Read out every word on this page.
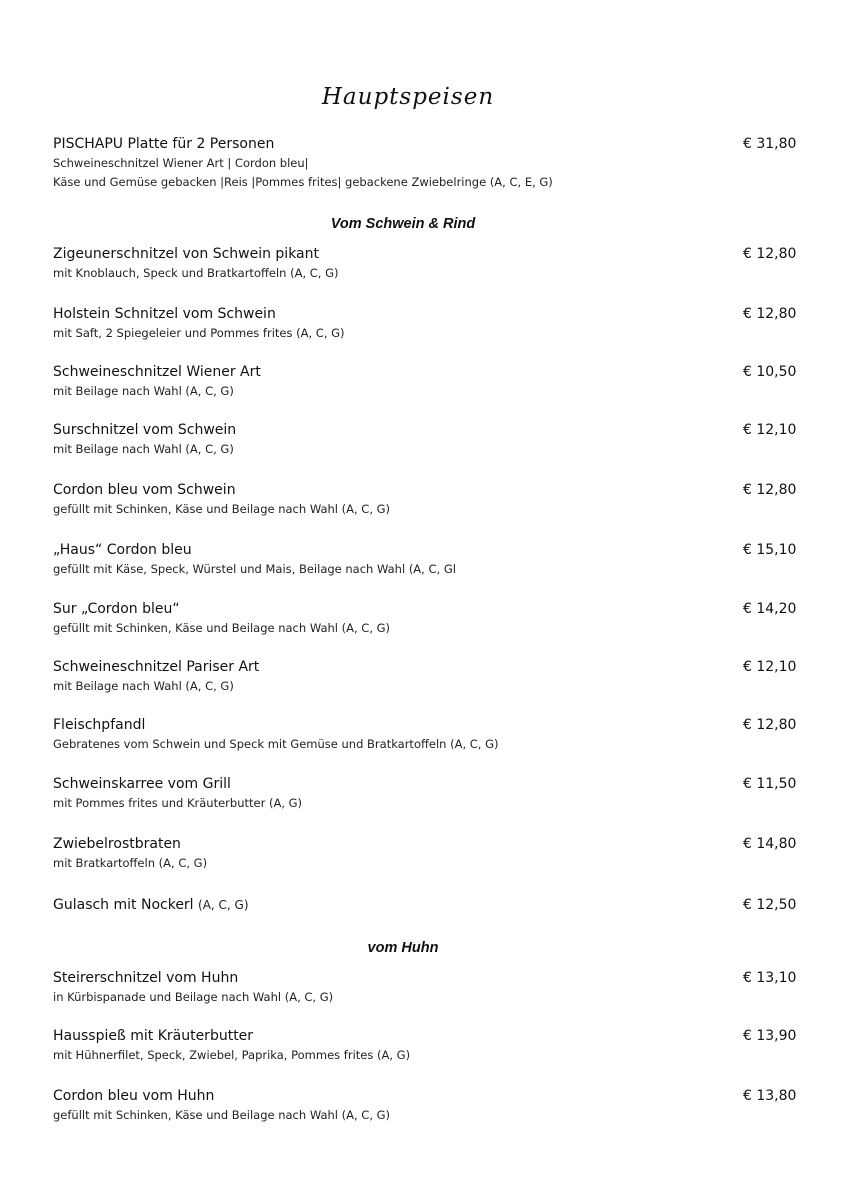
Hauptspeisen
PISCHAPU Platte für 2 Personen
Schweineschnitzel Wiener Art | Cordon bleu|
Käse und Gemüse gebacken |Reis |Pommes frites| gebackene Zwiebelringe (A, C, E, G)
€ 31,80
Vom Schwein & Rind
Zigeunerschnitzel von Schwein pikant
mit Knoblauch, Speck und Bratkartoffeln (A, C, G)
€ 12,80
Holstein Schnitzel vom Schwein
mit Saft, 2 Spiegeleier und Pommes frites (A, C, G)
€ 12,80
Schweineschnitzel Wiener Art
mit Beilage nach Wahl (A, C, G)
€ 10,50
Surschnitzel vom Schwein
mit Beilage nach Wahl (A, C, G)
€ 12,10
Cordon bleu vom Schwein
gefüllt mit Schinken, Käse und Beilage nach Wahl (A, C, G)
€ 12,80
„Haus“ Cordon bleu
gefüllt mit Käse, Speck, Würstel und Mais, Beilage nach Wahl (A, C, Gl
€ 15,10
Sur „Cordon bleu“
gefüllt mit Schinken, Käse und Beilage nach Wahl (A, C, G)
€ 14,20
Schweineschnitzel Pariser Art
mit Beilage nach Wahl (A, C, G)
€ 12,10
Fleischpfandl
Gebratenes vom Schwein und Speck mit Gemüse und Bratkartoffeln (A, C, G)
€ 12,80
Schweinskarree vom Grill
mit Pommes frites und Kräuterbutter (A, G)
€ 11,50
Zwiebelrostbraten
mit Bratkartoffeln (A, C, G)
€ 14,80
Gulasch mit Nockerl (A, C, G)	€ 12,50
vom Huhn
Steirerschnitzel vom Huhn
in Kürbispanade und Beilage nach Wahl (A, C, G)
€ 13,10
Hausspieß mit Kräuterbutter
mit Hühnerfilet, Speck, Zwiebel, Paprika, Pommes frites (A, G)
€ 13,90
Cordon bleu vom Huhn
gefüllt mit Schinken, Käse und Beilage nach Wahl (A, C, G)
€ 13,80
